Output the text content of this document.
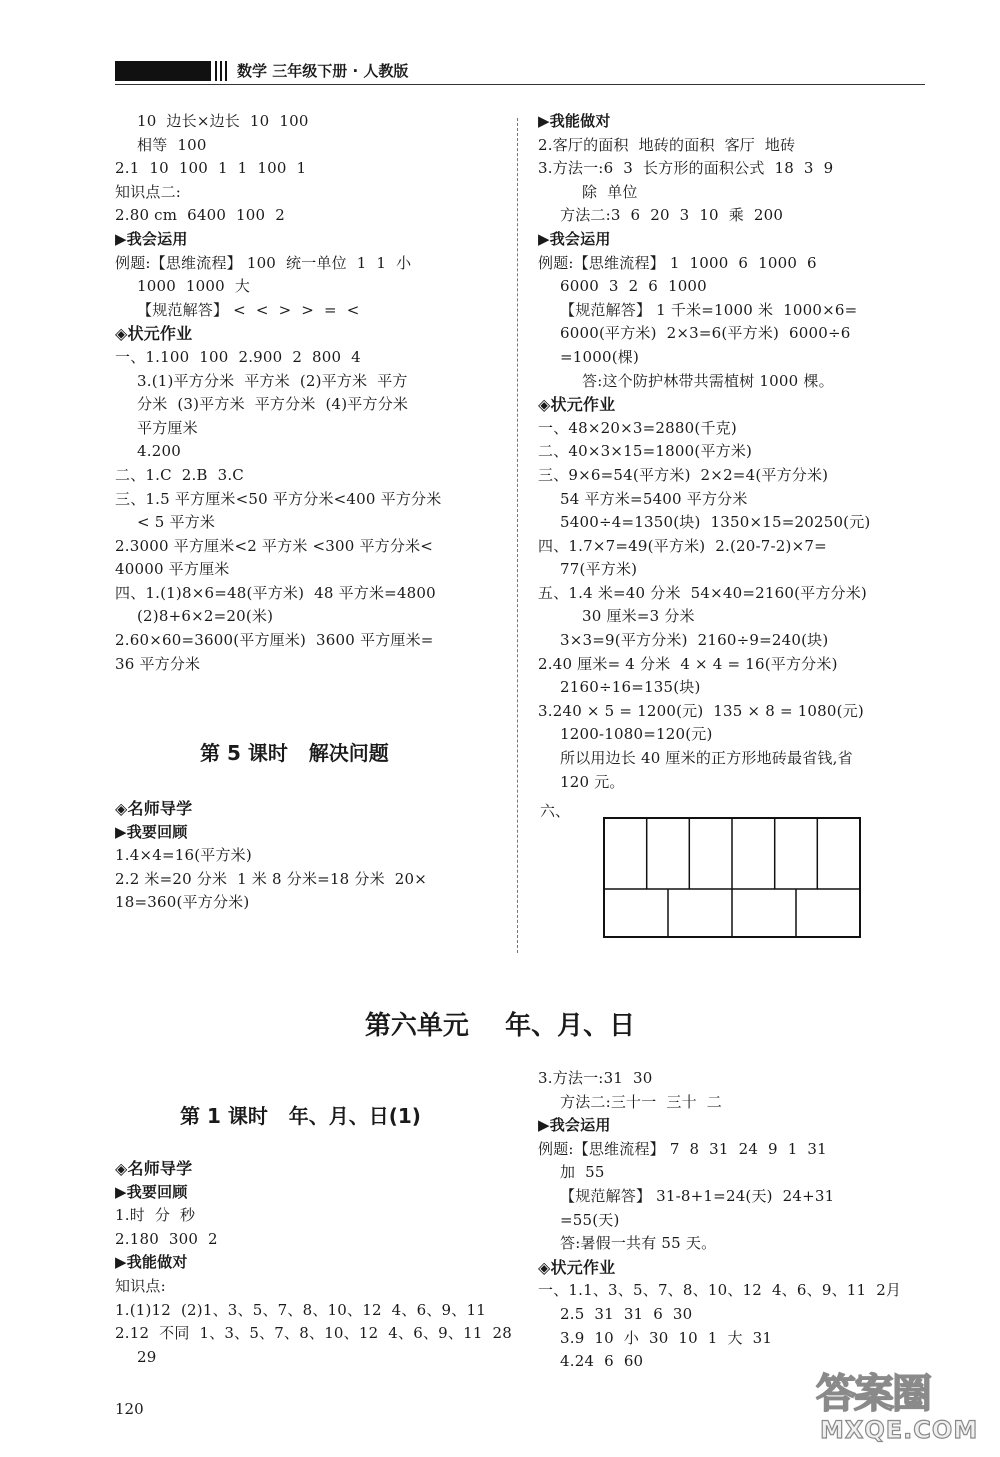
数学 三年级下册 · 人教版
10  边长×边长  10  100
相等  100
2.1  10  100  1  1  100  1
知识点二:
2.80 cm  6400  100  2
▶我会运用
例题:【思维流程】 100  统一单位  1  1  小
1000  1000  大
【规范解答】 <  <  >  >  =  <
◈状元作业
一、1.100  100  2.900  2  800  4
3.(1)平方分米  平方米  (2)平方米  平方
分米  (3)平方米  平方分米  (4)平方分米
平方厘米
4.200
二、1.C  2.B  3.C
三、1.5 平方厘米<50 平方分米<400 平方分米
< 5 平方米
2.3000 平方厘米<2 平方米 <300 平方分米<
40000 平方厘米
四、1.(1)8×6=48(平方米)  48 平方米=4800
(2)8+6×2=20(米)
2.60×60=3600(平方厘米)  3600 平方厘米=
36 平方分米
第 5 课时   解决问题
◈名师导学
▶我要回顾
1.4×4=16(平方米)
2.2 米=20 分米  1 米 8 分米=18 分米  20×
18=360(平方分米)
▶我能做对
2.客厅的面积  地砖的面积  客厅  地砖
3.方法一:6  3  长方形的面积公式  18  3  9
除  单位
方法二:3  6  20  3  10  乘  200
▶我会运用
例题:【思维流程】 1  1000  6  1000  6
6000  3  2  6  1000
【规范解答】 1 千米=1000 米  1000×6=
6000(平方米)  2×3=6(平方米)  6000÷6
=1000(棵)
答:这个防护林带共需植树 1000 棵。
◈状元作业
一、48×20×3=2880(千克)
二、40×3×15=1800(平方米)
三、9×6=54(平方米)  2×2=4(平方分米)
54 平方米=5400 平方分米
5400÷4=1350(块)  1350×15=20250(元)
四、1.7×7=49(平方米)  2.(20-7-2)×7=
77(平方米)
五、1.4 米=40 分米  54×40=2160(平方分米)
30 厘米=3 分米
3×3=9(平方分米)  2160÷9=240(块)
2.40 厘米= 4 分米  4 × 4 = 16(平方分米)
2160÷16=135(块)
3.240 × 5 = 1200(元)  135 × 8 = 1080(元)
1200-1080=120(元)
所以用边长 40 厘米的正方形地砖最省钱,省
120 元。
六、
第六单元    年、月、日
第 1 课时   年、月、日(1)
◈名师导学
▶我要回顾
1.时  分  秒
2.180  300  2
▶我能做对
知识点:
1.(1)12  (2)1、3、5、7、8、10、12  4、6、9、11
2.12  不同  1、3、5、7、8、10、12  4、6、9、11  28
29
3.方法一:31  30
方法二:三十一  三十  二
▶我会运用
例题:【思维流程】 7  8  31  24  9  1  31
加  55
【规范解答】 31-8+1=24(天)  24+31
=55(天)
答:暑假一共有 55 天。
◈状元作业
一、1.1、3、5、7、8、10、12  4、6、9、11  2月
2.5  31  31  6  30
3.9  10  小  30  10  1  大  31
4.24  6  60
120	答案圈
MXQE.COM
